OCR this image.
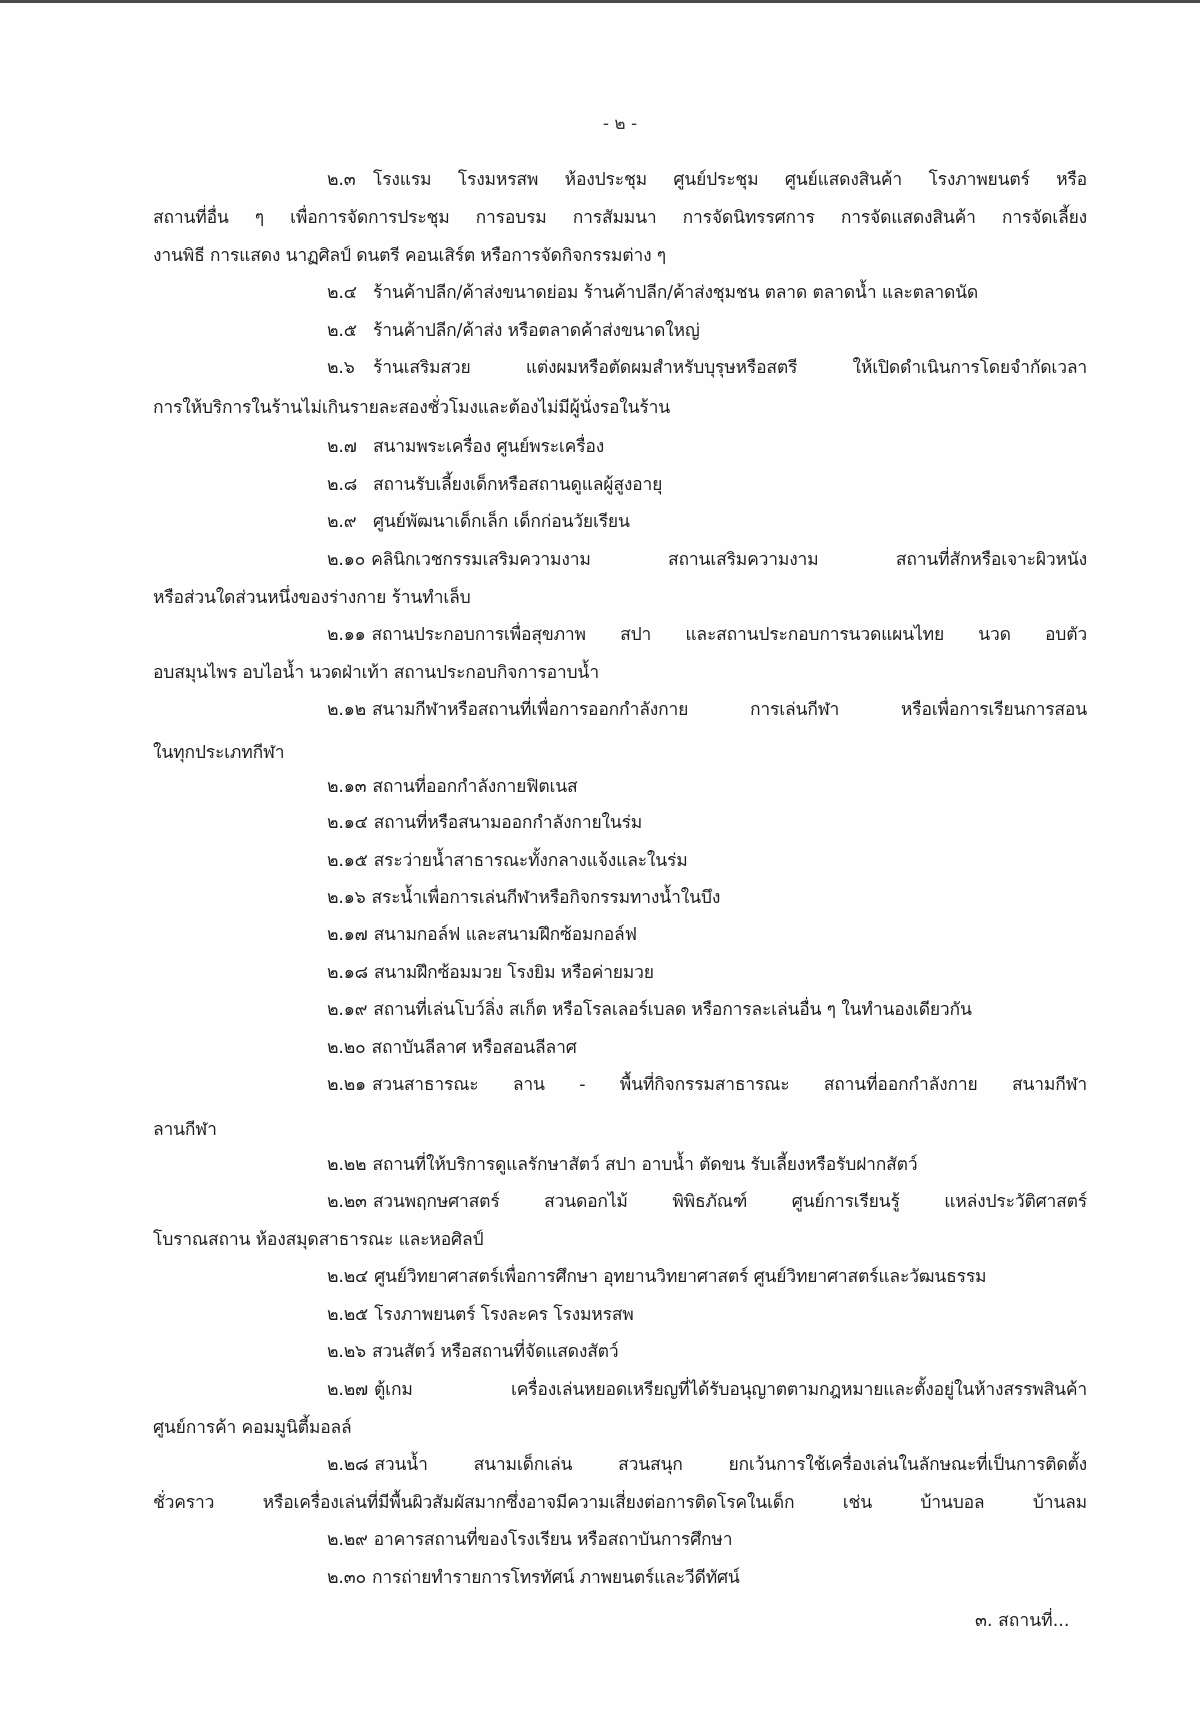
- ๒ -
๒.๓ โรงแรม โรงมหรสพ ห้องประชุม ศูนย์ประชุม ศูนย์แสดงสินค้า โรงภาพยนตร์ หรือ
สถานที่อื่น ๆ เพื่อการจัดการประชุม การอบรม การสัมมนา การจัดนิทรรศการ การจัดแสดงสินค้า การจัดเลี้ยง
งานพิธี การแสดง นาฏศิลป์ ดนตรี คอนเสิร์ต หรือการจัดกิจกรรมต่าง ๆ
๒.๔ ร้านค้าปลีก/ค้าส่งขนาดย่อม ร้านค้าปลีก/ค้าส่งชุมชน ตลาด ตลาดน้ำ และตลาดนัด
๒.๕ ร้านค้าปลีก/ค้าส่ง หรือตลาดค้าส่งขนาดใหญ่
๒.๖ ร้านเสริมสวย แต่งผมหรือตัดผมสำหรับบุรุษหรือสตรี ให้เปิดดำเนินการโดยจำกัดเวลา
การให้บริการในร้านไม่เกินรายละสองชั่วโมงและต้องไม่มีผู้นั่งรอในร้าน
๒.๗ สนามพระเครื่อง ศูนย์พระเครื่อง
๒.๘ สถานรับเลี้ยงเด็กหรือสถานดูแลผู้สูงอายุ
๒.๙ ศูนย์พัฒนาเด็กเล็ก เด็กก่อนวัยเรียน
๒.๑๐ คลินิกเวชกรรมเสริมความงาม สถานเสริมความงาม สถานที่สักหรือเจาะผิวหนัง
หรือส่วนใดส่วนหนึ่งของร่างกาย ร้านทำเล็บ
๒.๑๑ สถานประกอบการเพื่อสุขภาพ สปา และสถานประกอบการนวดแผนไทย นวด อบตัว
อบสมุนไพร อบไอน้ำ นวดฝ่าเท้า สถานประกอบกิจการอาบน้ำ
๒.๑๒ สนามกีฬาหรือสถานที่เพื่อการออกกำลังกาย การเล่นกีฬา หรือเพื่อการเรียนการสอน
ในทุกประเภทกีฬา
๒.๑๓ สถานที่ออกกำลังกายฟิตเนส
๒.๑๔ สถานที่หรือสนามออกกำลังกายในร่ม
๒.๑๕ สระว่ายน้ำสาธารณะทั้งกลางแจ้งและในร่ม
๒.๑๖ สระน้ำเพื่อการเล่นกีฬาหรือกิจกรรมทางน้ำในบึง
๒.๑๗ สนามกอล์ฟ และสนามฝึกซ้อมกอล์ฟ
๒.๑๘ สนามฝึกซ้อมมวย โรงยิม หรือค่ายมวย
๒.๑๙ สถานที่เล่นโบว์ลิ่ง สเก็ต หรือโรลเลอร์เบลด หรือการละเล่นอื่น ๆ ในทำนองเดียวกัน
๒.๒๐ สถาบันลีลาศ หรือสอนลีลาศ
๒.๒๑ สวนสาธารณะ ลาน - พื้นที่กิจกรรมสาธารณะ สถานที่ออกกำลังกาย สนามกีฬา
ลานกีฬา
๒.๒๒ สถานที่ให้บริการดูแลรักษาสัตว์ สปา อาบน้ำ ตัดขน รับเลี้ยงหรือรับฝากสัตว์
๒.๒๓ สวนพฤกษศาสตร์ สวนดอกไม้ พิพิธภัณฑ์ ศูนย์การเรียนรู้ แหล่งประวัติศาสตร์
โบราณสถาน ห้องสมุดสาธารณะ และหอศิลป์
๒.๒๔ ศูนย์วิทยาศาสตร์เพื่อการศึกษา อุทยานวิทยาศาสตร์ ศูนย์วิทยาศาสตร์และวัฒนธรรม
๒.๒๕ โรงภาพยนตร์ โรงละคร โรงมหรสพ
๒.๒๖ สวนสัตว์ หรือสถานที่จัดแสดงสัตว์
๒.๒๗ ตู้เกม เครื่องเล่นหยอดเหรียญที่ได้รับอนุญาตตามกฎหมายและตั้งอยู่ในห้างสรรพสินค้า
ศูนย์การค้า คอมมูนิตี้มอลล์
๒.๒๘ สวนน้ำ สนามเด็กเล่น สวนสนุก ยกเว้นการใช้เครื่องเล่นในลักษณะที่เป็นการติดตั้ง
ชั่วคราว หรือเครื่องเล่นที่มีพื้นผิวสัมผัสมากซึ่งอาจมีความเสี่ยงต่อการติดโรคในเด็ก เช่น บ้านบอล บ้านลม
๒.๒๙ อาคารสถานที่ของโรงเรียน หรือสถาบันการศึกษา
๒.๓๐ การถ่ายทำรายการโทรทัศน์ ภาพยนตร์และวีดีทัศน์
๓. สถานที่...
